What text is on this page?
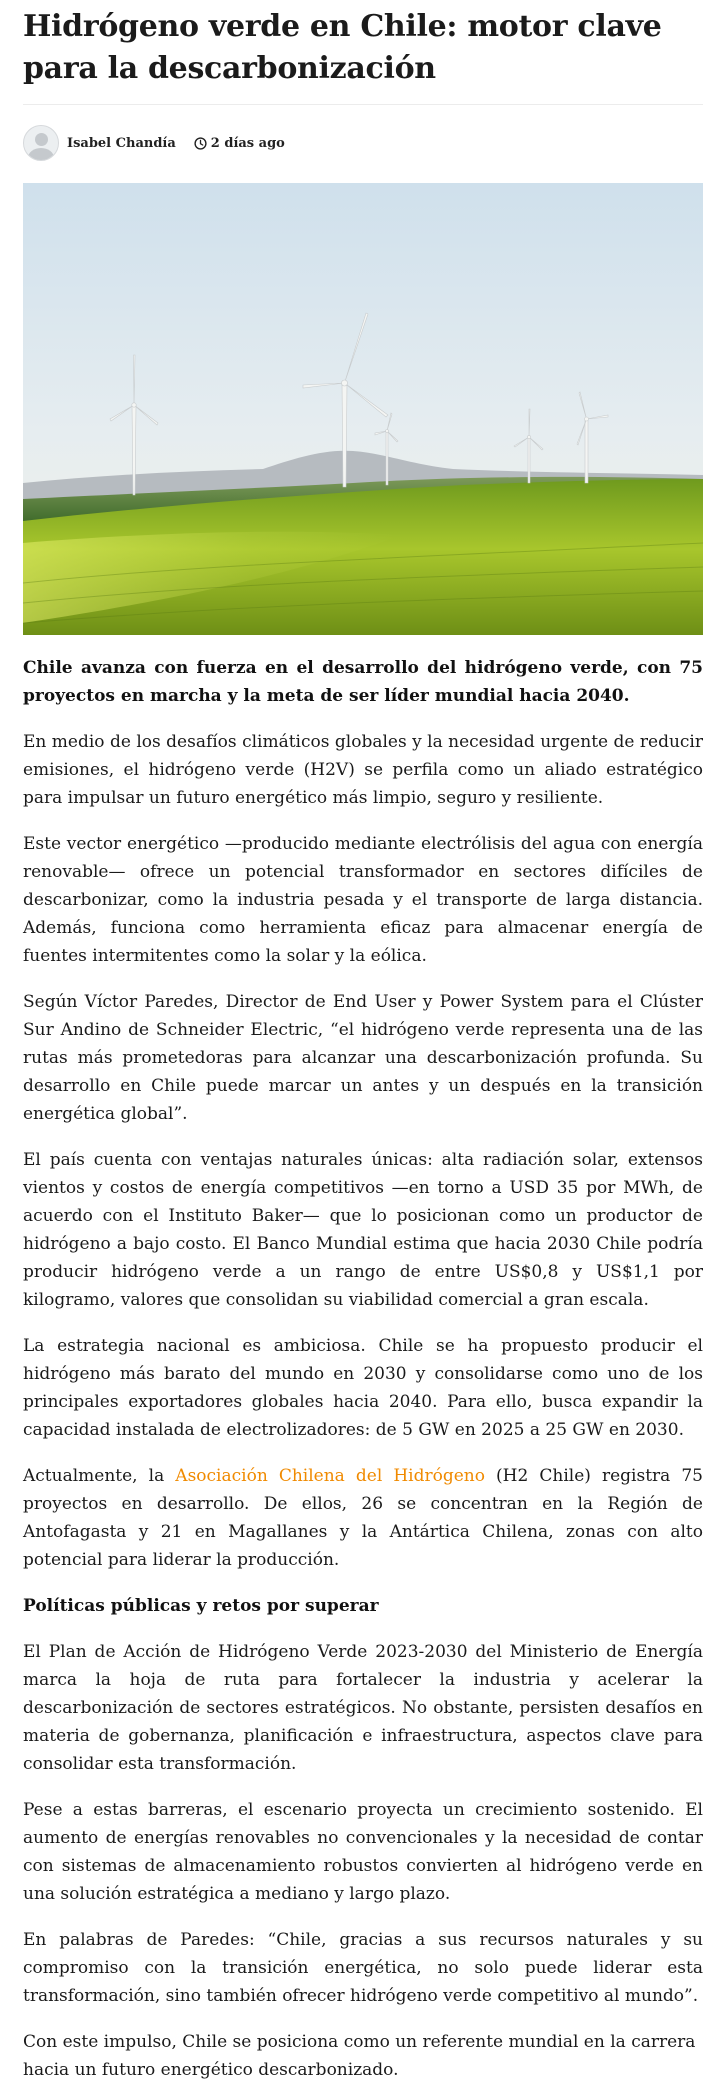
Hidrógeno verde en Chile: motor clave para la descarbonización
Isabel Chandía	2 días ago

Chile avanza con fuerza en el desarrollo del hidrógeno verde, con 75 proyectos en marcha y la meta de ser líder mundial hacia 2040.

En medio de los desafíos climáticos globales y la necesidad urgente de reducir emisiones, el hidrógeno verde (H2V) se perfila como un aliado estratégico para impulsar un futuro energético más limpio, seguro y resiliente.

Este vector energético —producido mediante electrólisis del agua con energía renovable— ofrece un potencial transformador en sectores difíciles de descarbonizar, como la industria pesada y el transporte de larga distancia. Además, funciona como herramienta eficaz para almacenar energía de fuentes intermitentes como la solar y la eólica.

Según Víctor Paredes, Director de End User y Power System para el Clúster Sur Andino de Schneider Electric, “el hidrógeno verde representa una de las rutas más prometedoras para alcanzar una descarbonización profunda. Su desarrollo en Chile puede marcar un antes y un después en la transición energética global”.

El país cuenta con ventajas naturales únicas: alta radiación solar, extensos vientos y costos de energía competitivos —en torno a USD 35 por MWh, de acuerdo con el Instituto Baker— que lo posicionan como un productor de hidrógeno a bajo costo. El Banco Mundial estima que hacia 2030 Chile podría producir hidrógeno verde a un rango de entre US$0,8 y US$1,1 por kilogramo, valores que consolidan su viabilidad comercial a gran escala.

La estrategia nacional es ambiciosa. Chile se ha propuesto producir el hidrógeno más barato del mundo en 2030 y consolidarse como uno de los principales exportadores globales hacia 2040. Para ello, busca expandir la capacidad instalada de electrolizadores: de 5 GW en 2025 a 25 GW en 2030.

Actualmente, la Asociación Chilena del Hidrógeno (H2 Chile) registra 75 proyectos en desarrollo. De ellos, 26 se concentran en la Región de Antofagasta y 21 en Magallanes y la Antártica Chilena, zonas con alto potencial para liderar la producción.

Políticas públicas y retos por superar

El Plan de Acción de Hidrógeno Verde 2023-2030 del Ministerio de Energía marca la hoja de ruta para fortalecer la industria y acelerar la descarbonización de sectores estratégicos. No obstante, persisten desafíos en materia de gobernanza, planificación e infraestructura, aspectos clave para consolidar esta transformación.

Pese a estas barreras, el escenario proyecta un crecimiento sostenido. El aumento de energías renovables no convencionales y la necesidad de contar con sistemas de almacenamiento robustos convierten al hidrógeno verde en una solución estratégica a mediano y largo plazo.

En palabras de Paredes: “Chile, gracias a sus recursos naturales y su compromiso con la transición energética, no solo puede liderar esta transformación, sino también ofrecer hidrógeno verde competitivo al mundo”.

Con este impulso, Chile se posiciona como un referente mundial en la carrera hacia un futuro energético descarbonizado.
